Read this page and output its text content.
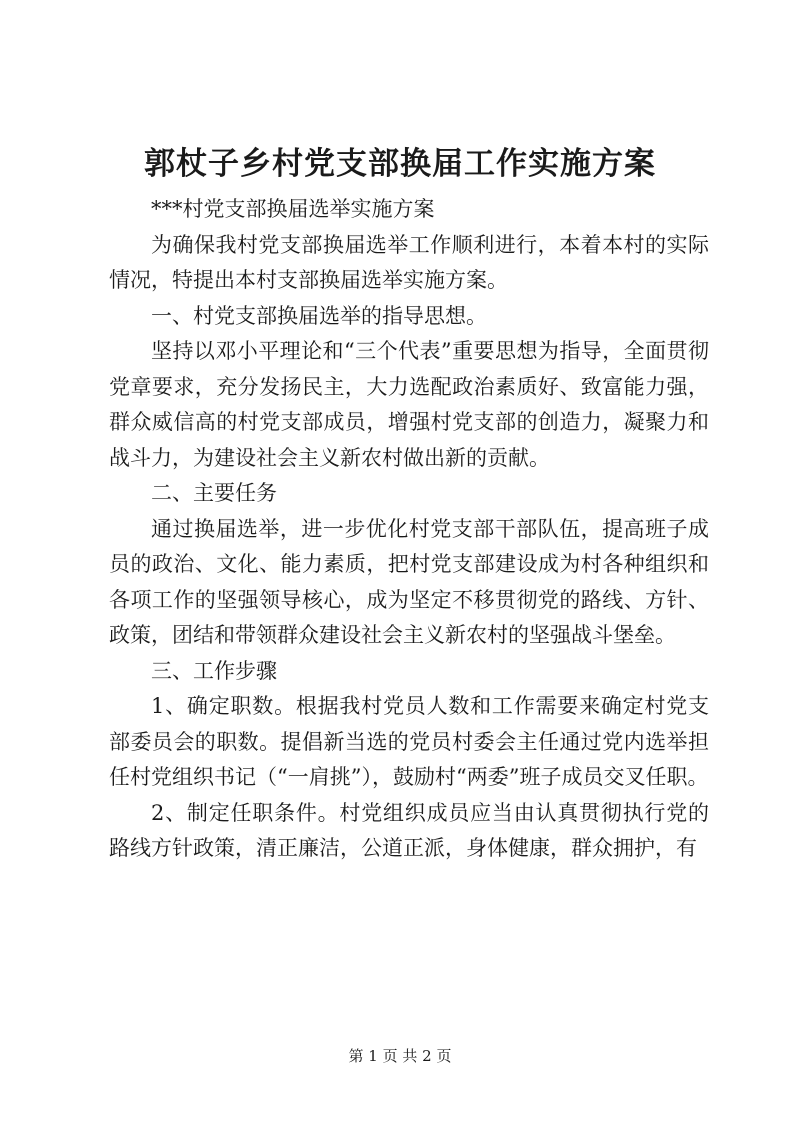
郭杖子乡村党支部换届工作实施方案

***村党支部换届选举实施方案

为确保我村党支部换届选举工作顺利进行，本着本村的实际情况，特提出本村支部换届选举实施方案。

一、村党支部换届选举的指导思想。

坚持以邓小平理论和“三个代表”重要思想为指导，全面贯彻党章要求，充分发扬民主，大力选配政治素质好、致富能力强，群众威信高的村党支部成员，增强村党支部的创造力，凝聚力和战斗力，为建设社会主义新农村做出新的贡献。

二、主要任务

通过换届选举，进一步优化村党支部干部队伍，提高班子成员的政治、文化、能力素质，把村党支部建设成为村各种组织和各项工作的坚强领导核心，成为坚定不移贯彻党的路线、方针、政策，团结和带领群众建设社会主义新农村的坚强战斗堡垒。

三、工作步骤

1、确定职数。根据我村党员人数和工作需要来确定村党支部委员会的职数。提倡新当选的党员村委会主任通过党内选举担任村党组织书记（“一肩挑”），鼓励村“两委”班子成员交叉任职。

2、制定任职条件。村党组织成员应当由认真贯彻执行党的路线方针政策，清正廉洁，公道正派，身体健康，群众拥护，有

第 1 页 共 2 页
